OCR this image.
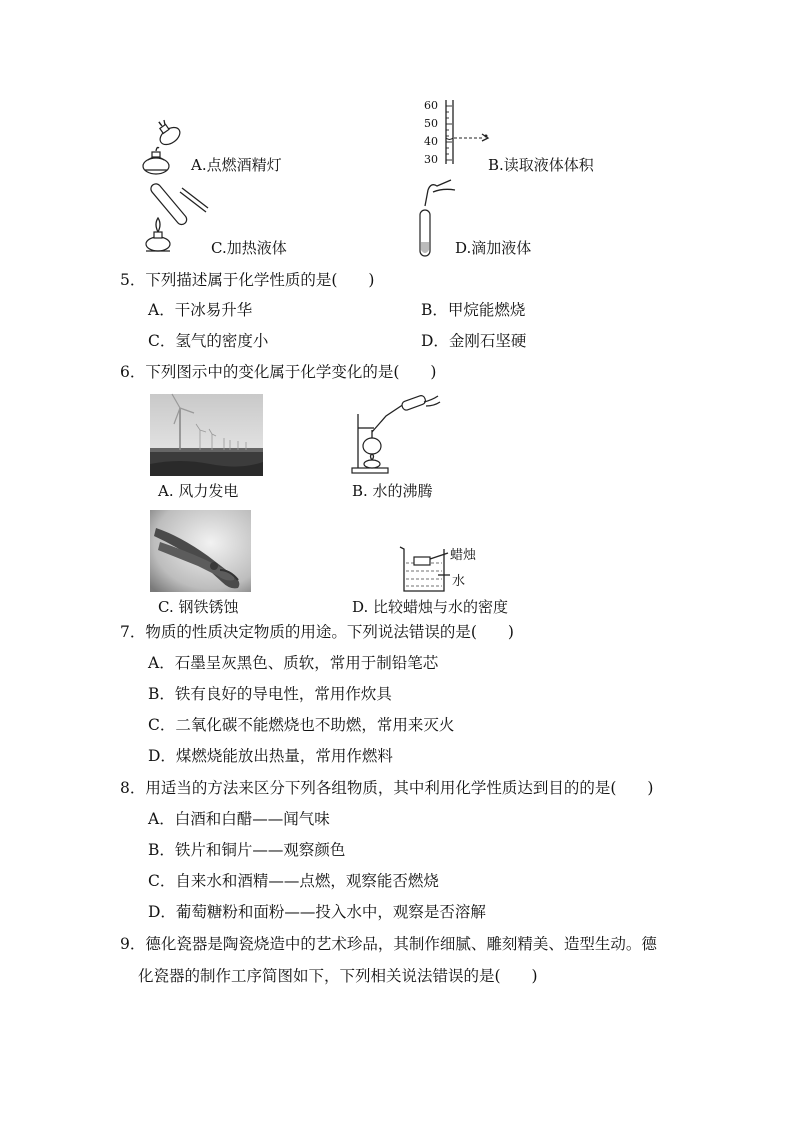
A.点燃酒精灯
60
50
40
30	B.读取液体体积
C.加热液体	D.滴加液体
5．下列描述属于化学性质的是(　　)
A．干冰易升华	B．甲烷能燃烧
C．氢气的密度小	D．金刚石坚硬
6．下列图示中的变化属于化学变化的是(　　)
A. 风力发电	B. 水的沸腾
C. 钢铁锈蚀
蜡烛
水
D. 比较蜡烛与水的密度
7．物质的性质决定物质的用途。下列说法错误的是(　　)
A．石墨呈灰黑色、质软，常用于制铅笔芯
B．铁有良好的导电性，常用作炊具
C．二氧化碳不能燃烧也不助燃，常用来灭火
D．煤燃烧能放出热量，常用作燃料
8．用适当的方法来区分下列各组物质，其中利用化学性质达到目的的是(　　)
A．白酒和白醋——闻气味
B．铁片和铜片——观察颜色
C．自来水和酒精——点燃，观察能否燃烧
D．葡萄糖粉和面粉——投入水中，观察是否溶解
9．德化瓷器是陶瓷烧造中的艺术珍品，其制作细腻、雕刻精美、造型生动。德
化瓷器的制作工序简图如下，下列相关说法错误的是(　　)
